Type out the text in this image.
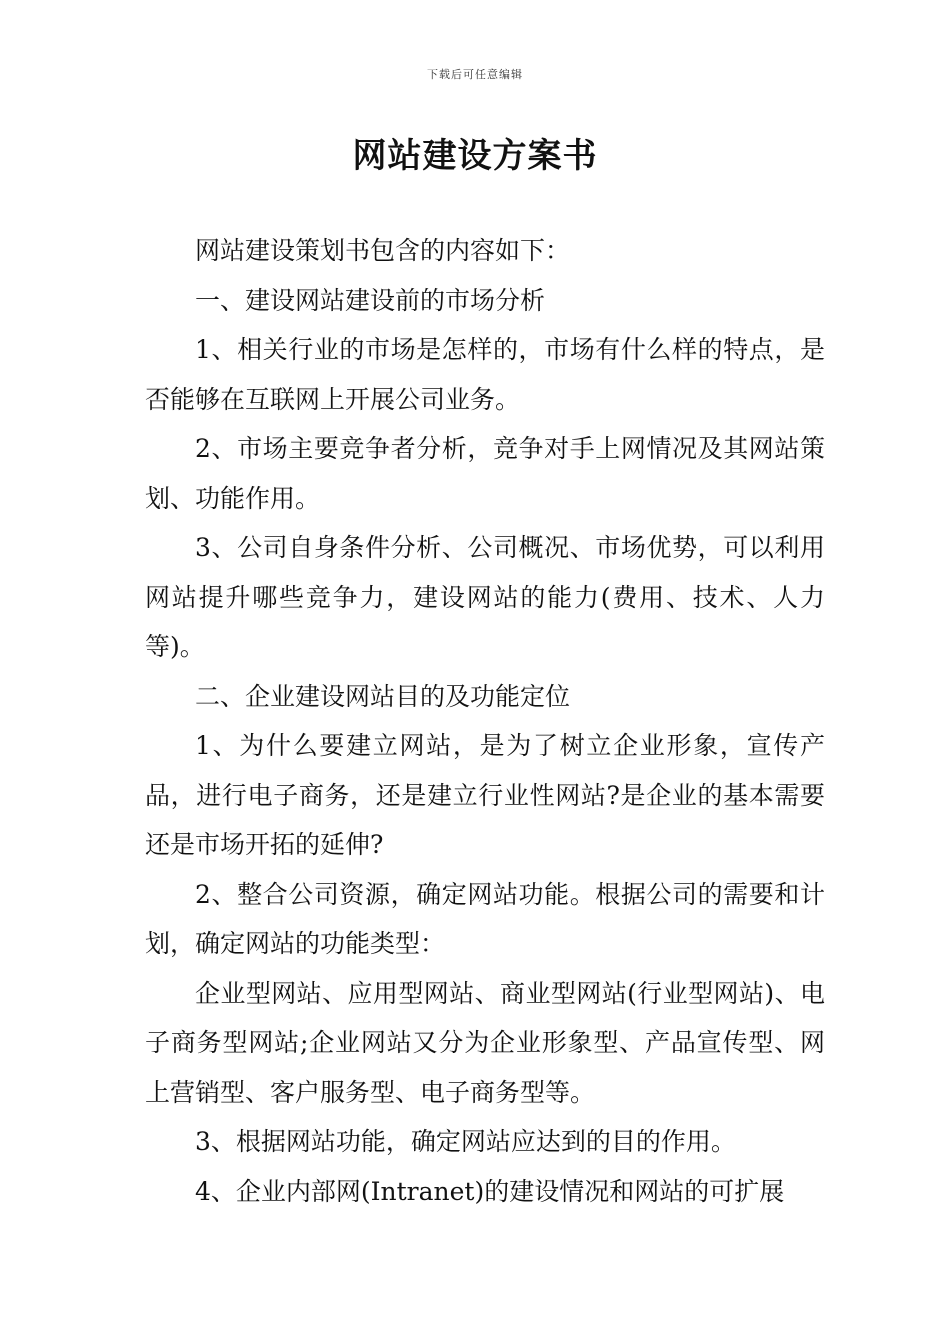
下载后可任意编辑
网站建设方案书

网站建设策划书包含的内容如下：

一、建设网站建设前的市场分析

1、相关行业的市场是怎样的，市场有什么样的特点，是否能够在互联网上开展公司业务。

2、市场主要竞争者分析，竞争对手上网情况及其网站策划、功能作用。

3、公司自身条件分析、公司概况、市场优势，可以利用网站提升哪些竞争力，建设网站的能力(费用、技术、人力等)。

二、企业建设网站目的及功能定位

1、为什么要建立网站，是为了树立企业形象，宣传产品，进行电子商务，还是建立行业性网站?是企业的基本需要还是市场开拓的延伸?

2、整合公司资源，确定网站功能。根据公司的需要和计划，确定网站的功能类型：

企业型网站、应用型网站、商业型网站(行业型网站)、电子商务型网站;企业网站又分为企业形象型、产品宣传型、网上营销型、客户服务型、电子商务型等。

3、根据网站功能，确定网站应达到的目的作用。

4、企业内部网(Intranet)的建设情况和网站的可扩展
